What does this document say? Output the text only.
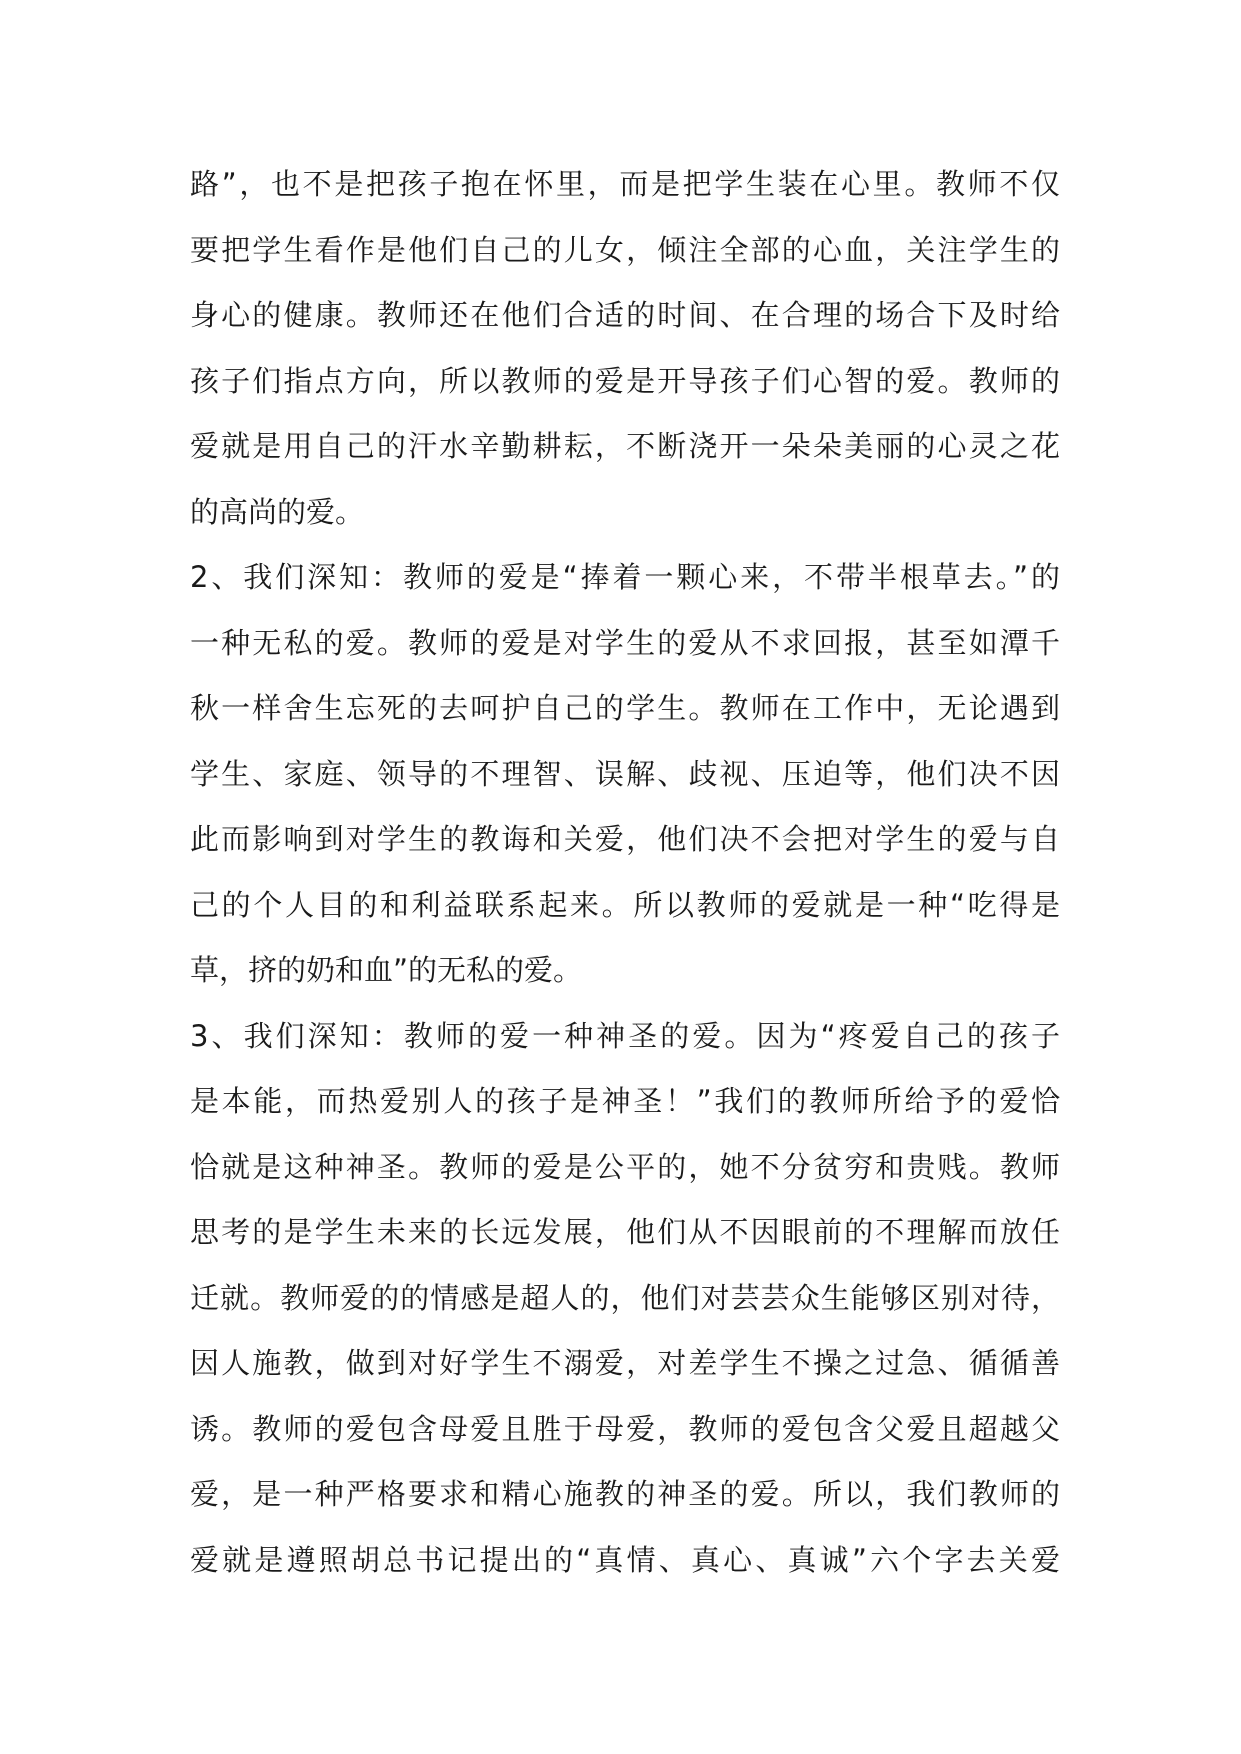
路”，也不是把孩子抱在怀里，而是把学生装在心里。教师不仅
要把学生看作是他们自己的儿女，倾注全部的心血，关注学生的
身心的健康。教师还在他们合适的时间、在合理的场合下及时给
孩子们指点方向，所以教师的爱是开导孩子们心智的爱。教师的
爱就是用自己的汗水辛勤耕耘，不断浇开一朵朵美丽的心灵之花
的高尚的爱。
2、我们深知：教师的爱是“捧着一颗心来，不带半根草去。”的
一种无私的爱。教师的爱是对学生的爱从不求回报，甚至如潭千
秋一样舍生忘死的去呵护自己的学生。教师在工作中，无论遇到
学生、家庭、领导的不理智、误解、歧视、压迫等，他们决不因
此而影响到对学生的教诲和关爱，他们决不会把对学生的爱与自
己的个人目的和利益联系起来。所以教师的爱就是一种“吃得是
草，挤的奶和血”的无私的爱。
3、我们深知：教师的爱一种神圣的爱。因为“疼爱自己的孩子
是本能，而热爱别人的孩子是神圣！”我们的教师所给予的爱恰
恰就是这种神圣。教师的爱是公平的，她不分贫穷和贵贱。教师
思考的是学生未来的长远发展，他们从不因眼前的不理解而放任
迁就。教师爱的的情感是超人的，他们对芸芸众生能够区别对待，
因人施教，做到对好学生不溺爱，对差学生不操之过急、循循善
诱。教师的爱包含母爱且胜于母爱，教师的爱包含父爱且超越父
爱，是一种严格要求和精心施教的神圣的爱。所以，我们教师的
爱就是遵照胡总书记提出的“真情、真心、真诚”六个字去关爱
